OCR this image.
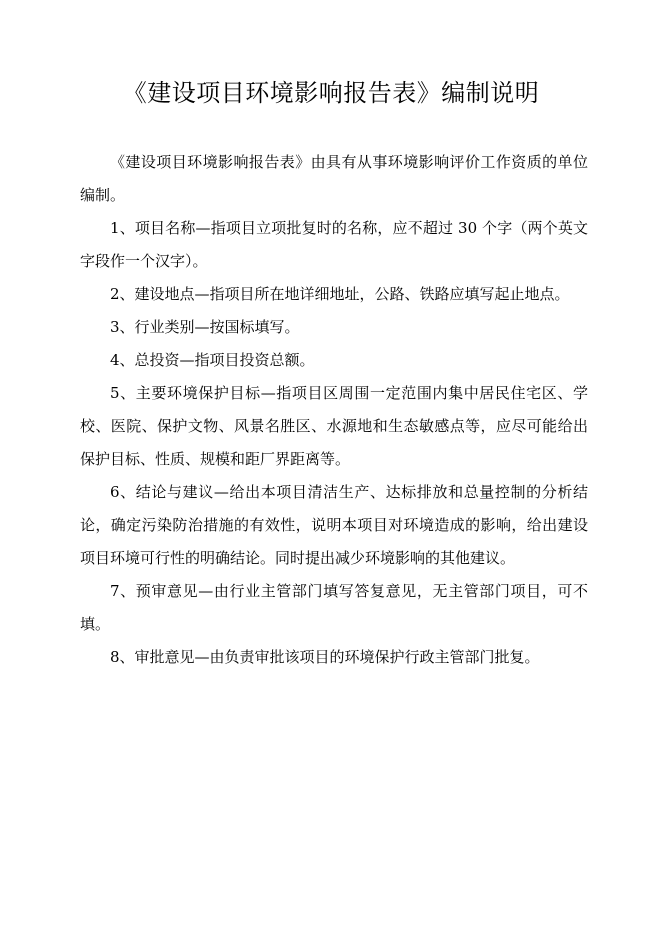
《建设项目环境影响报告表》编制说明

《建设项目环境影响报告表》由具有从事环境影响评价工作资质的单位编制。

1、项目名称—指项目立项批复时的名称，应不超过 30 个字（两个英文字段作一个汉字）。

2、建设地点—指项目所在地详细地址，公路、铁路应填写起止地点。

3、行业类别—按国标填写。

4、总投资—指项目投资总额。

5、主要环境保护目标—指项目区周围一定范围内集中居民住宅区、学校、医院、保护文物、风景名胜区、水源地和生态敏感点等，应尽可能给出保护目标、性质、规模和距厂界距离等。

6、结论与建议—给出本项目清洁生产、达标排放和总量控制的分析结论，确定污染防治措施的有效性，说明本项目对环境造成的影响，给出建设项目环境可行性的明确结论。同时提出减少环境影响的其他建议。

7、预审意见—由行业主管部门填写答复意见，无主管部门项目，可不填。

8、审批意见—由负责审批该项目的环境保护行政主管部门批复。
